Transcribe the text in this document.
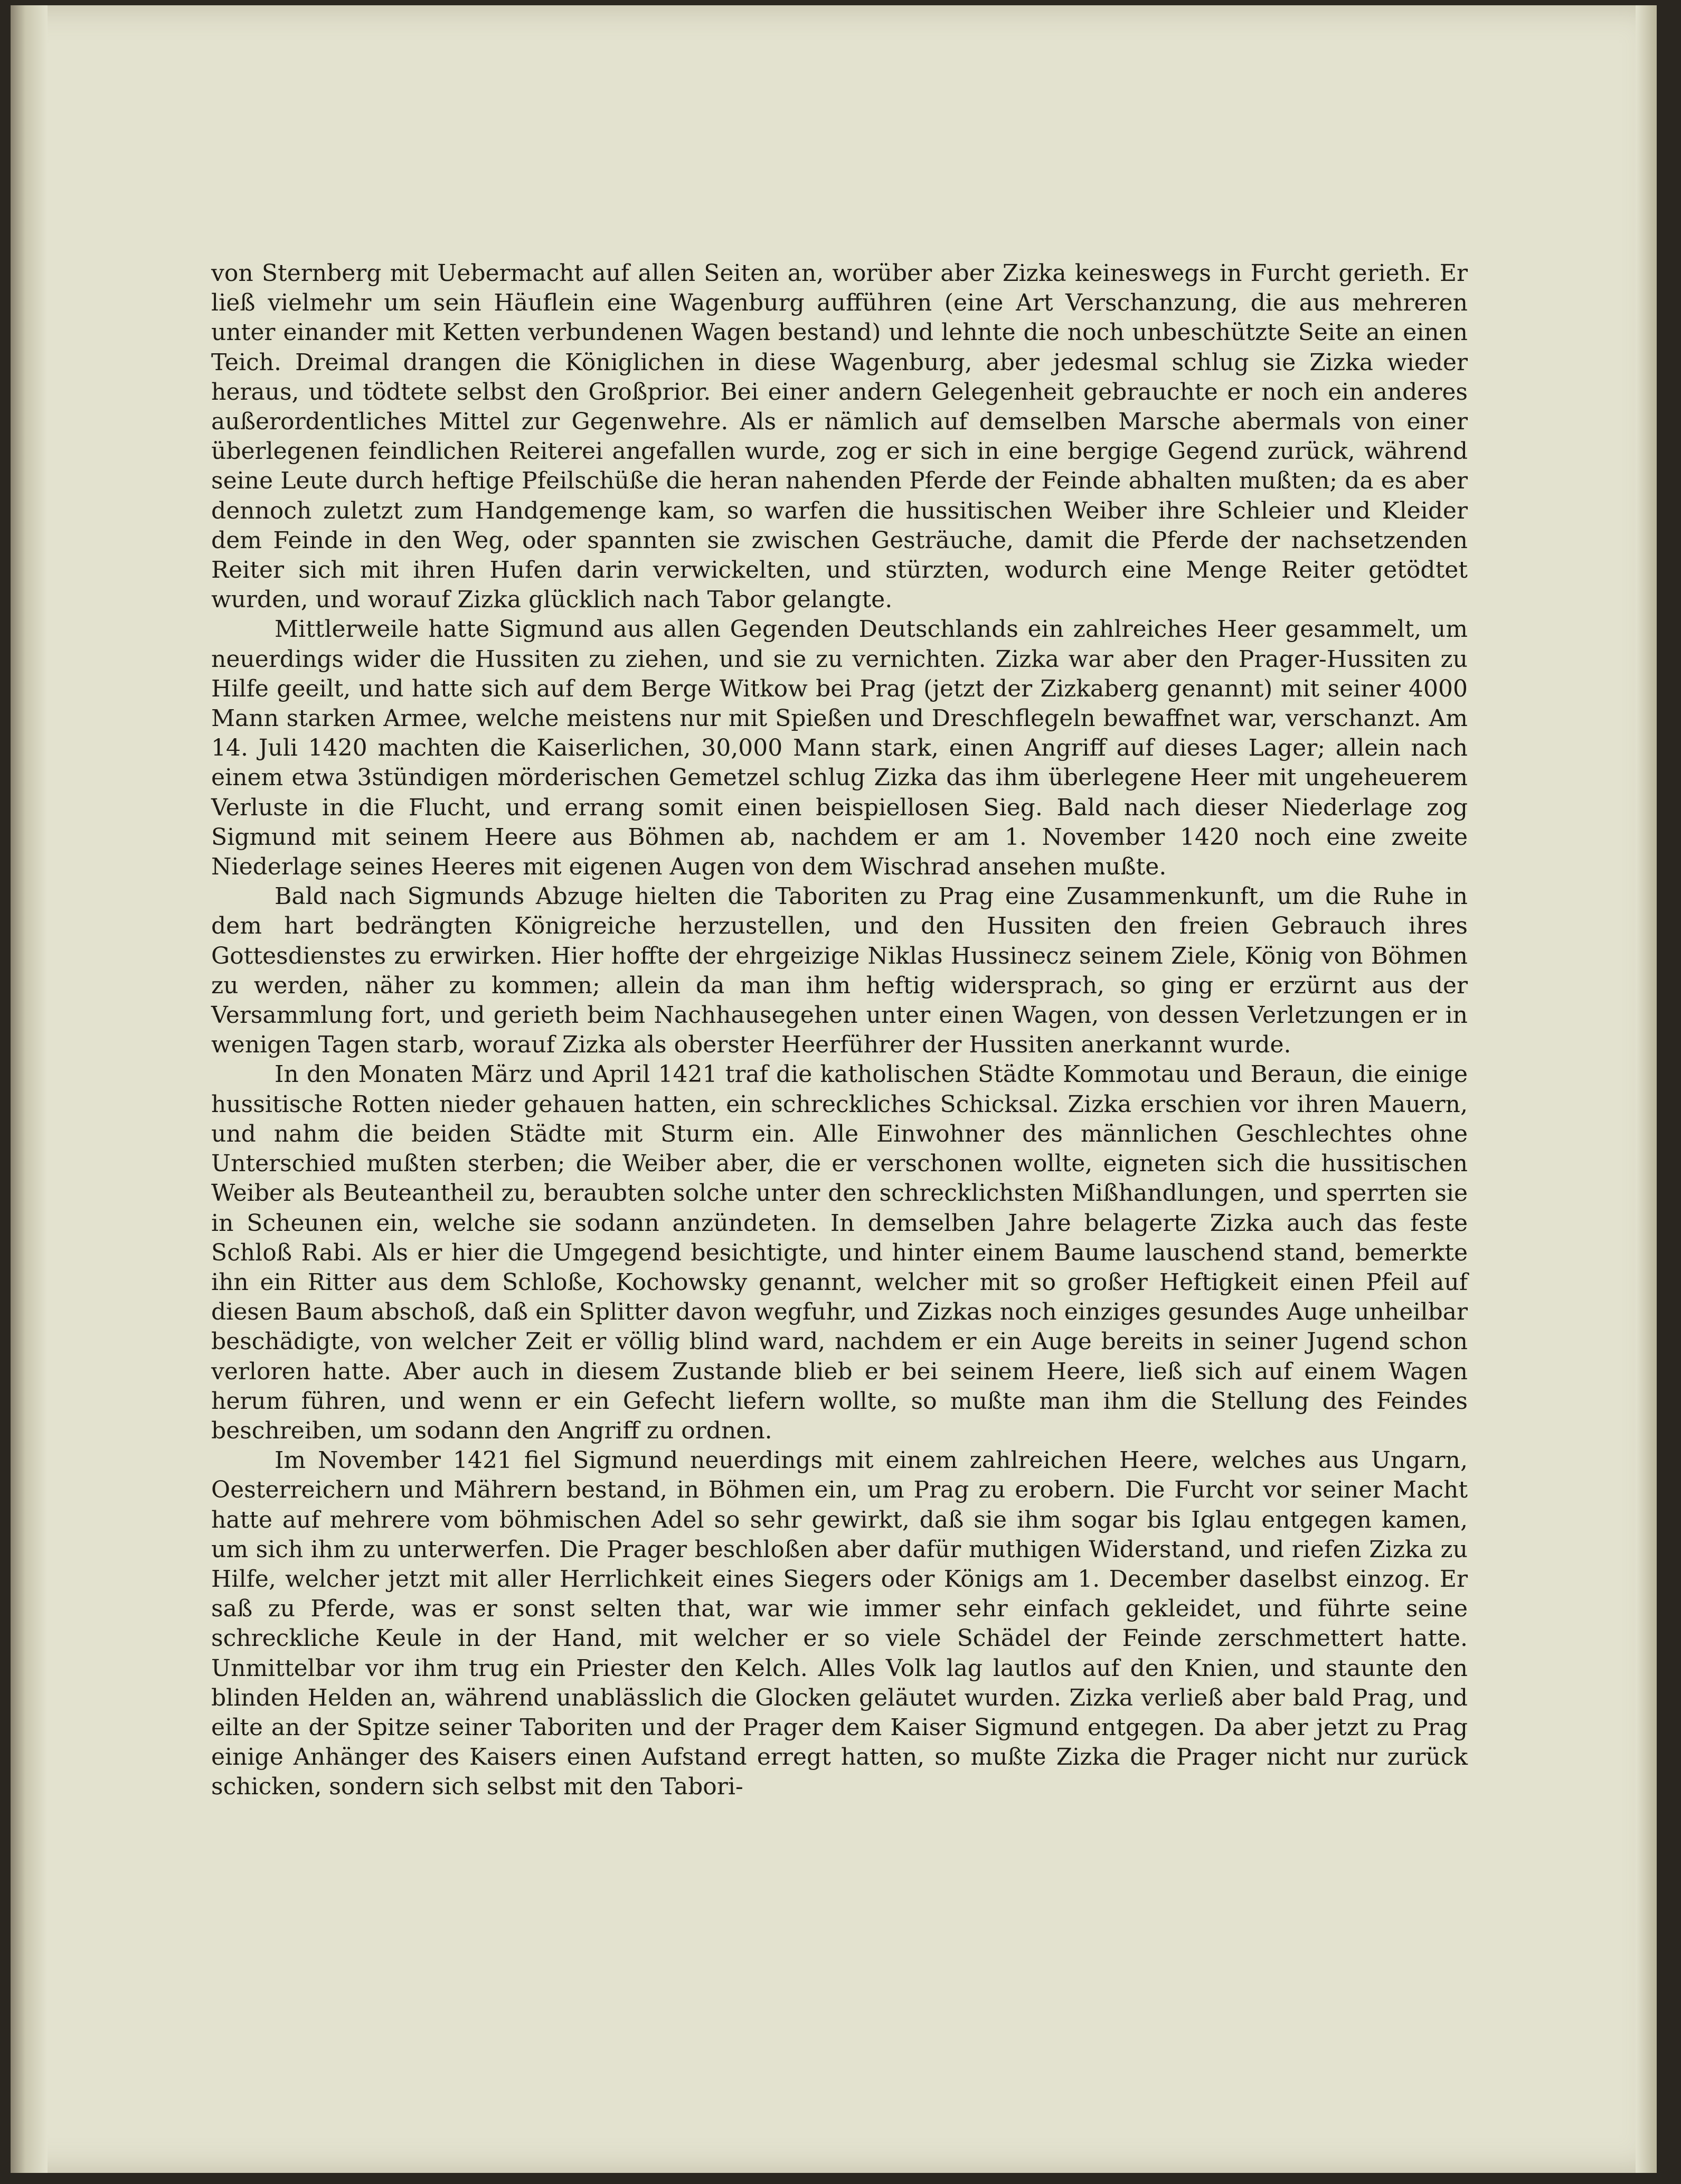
von Sternberg mit Uebermacht auf allen Seiten an, worüber aber Zizka keineswegs in Furcht gerieth. Er ließ vielmehr um sein Häuflein eine Wagenburg aufführen (eine Art Verschanzung, die aus mehreren unter einander mit Ketten verbundenen Wagen bestand) und lehnte die noch unbeschützte Seite an einen Teich. Dreimal drangen die Königlichen in diese Wagenburg, aber jedesmal schlug sie Zizka wieder heraus, und tödtete selbst den Großprior. Bei einer andern Gelegenheit gebrauchte er noch ein anderes außerordentliches Mittel zur Gegenwehre. Als er nämlich auf demselben Marsche abermals von einer überlegenen feindlichen Reiterei angefallen wurde, zog er sich in eine bergige Gegend zurück, während seine Leute durch heftige Pfeilschüße die heran nahenden Pferde der Feinde abhalten mußten; da es aber dennoch zuletzt zum Handgemenge kam, so warfen die hussitischen Weiber ihre Schleier und Kleider dem Feinde in den Weg, oder spannten sie zwischen Gesträuche, damit die Pferde der nachsetzenden Reiter sich mit ihren Hufen darin verwickelten, und stürzten, wodurch eine Menge Reiter getödtet wurden, und worauf Zizka glücklich nach Tabor gelangte.

Mittlerweile hatte Sigmund aus allen Gegenden Deutschlands ein zahlreiches Heer gesammelt, um neuerdings wider die Hussiten zu ziehen, und sie zu vernichten. Zizka war aber den Prager-Hussiten zu Hilfe geeilt, und hatte sich auf dem Berge Witkow bei Prag (jetzt der Zizkaberg genannt) mit seiner 4000 Mann starken Armee, welche meistens nur mit Spießen und Dreschflegeln bewaffnet war, verschanzt. Am 14. Juli 1420 machten die Kaiserlichen, 30,000 Mann stark, einen Angriff auf dieses Lager; allein nach einem etwa 3stündigen mörderischen Gemetzel schlug Zizka das ihm überlegene Heer mit ungeheuerem Verluste in die Flucht, und errang somit einen beispiellosen Sieg. Bald nach dieser Niederlage zog Sigmund mit seinem Heere aus Böhmen ab, nachdem er am 1. November 1420 noch eine zweite Niederlage seines Heeres mit eigenen Augen von dem Wischrad ansehen mußte.

Bald nach Sigmunds Abzuge hielten die Taboriten zu Prag eine Zusammenkunft, um die Ruhe in dem hart bedrängten Königreiche herzustellen, und den Hussiten den freien Gebrauch ihres Gottesdienstes zu erwirken. Hier hoffte der ehrgeizige Niklas Hussinecz seinem Ziele, König von Böhmen zu werden, näher zu kommen; allein da man ihm heftig widersprach, so ging er erzürnt aus der Versammlung fort, und gerieth beim Nachhausegehen unter einen Wagen, von dessen Verletzungen er in wenigen Tagen starb, worauf Zizka als oberster Heerführer der Hussiten anerkannt wurde.

In den Monaten März und April 1421 traf die katholischen Städte Kommotau und Beraun, die einige hussitische Rotten nieder gehauen hatten, ein schreckliches Schicksal. Zizka erschien vor ihren Mauern, und nahm die beiden Städte mit Sturm ein. Alle Einwohner des männlichen Geschlechtes ohne Unterschied mußten sterben; die Weiber aber, die er verschonen wollte, eigneten sich die hussitischen Weiber als Beuteantheil zu, beraubten solche unter den schrecklichsten Mißhandlungen, und sperrten sie in Scheunen ein, welche sie sodann anzündeten. In demselben Jahre belagerte Zizka auch das feste Schloß Rabi. Als er hier die Umgegend besichtigte, und hinter einem Baume lauschend stand, bemerkte ihn ein Ritter aus dem Schloße, Kochowsky genannt, welcher mit so großer Heftigkeit einen Pfeil auf diesen Baum abschoß, daß ein Splitter davon wegfuhr, und Zizkas noch einziges gesundes Auge unheilbar beschädigte, von welcher Zeit er völlig blind ward, nachdem er ein Auge bereits in seiner Jugend schon verloren hatte. Aber auch in diesem Zustande blieb er bei seinem Heere, ließ sich auf einem Wagen herum führen, und wenn er ein Gefecht liefern wollte, so mußte man ihm die Stellung des Feindes beschreiben, um sodann den Angriff zu ordnen.

Im November 1421 fiel Sigmund neuerdings mit einem zahlreichen Heere, welches aus Ungarn, Oesterreichern und Mährern bestand, in Böhmen ein, um Prag zu erobern. Die Furcht vor seiner Macht hatte auf mehrere vom böhmischen Adel so sehr gewirkt, daß sie ihm sogar bis Iglau entgegen kamen, um sich ihm zu unterwerfen. Die Prager beschloßen aber dafür muthigen Widerstand, und riefen Zizka zu Hilfe, welcher jetzt mit aller Herrlichkeit eines Siegers oder Königs am 1. December daselbst einzog. Er saß zu Pferde, was er sonst selten that, war wie immer sehr einfach gekleidet, und führte seine schreckliche Keule in der Hand, mit welcher er so viele Schädel der Feinde zerschmettert hatte. Unmittelbar vor ihm trug ein Priester den Kelch. Alles Volk lag lautlos auf den Knien, und staunte den blinden Helden an, während unablässlich die Glocken geläutet wurden. Zizka verließ aber bald Prag, und eilte an der Spitze seiner Taboriten und der Prager dem Kaiser Sigmund entgegen. Da aber jetzt zu Prag einige Anhänger des Kaisers einen Aufstand erregt hatten, so mußte Zizka die Prager nicht nur zurück schicken, sondern sich selbst mit den Tabori-
